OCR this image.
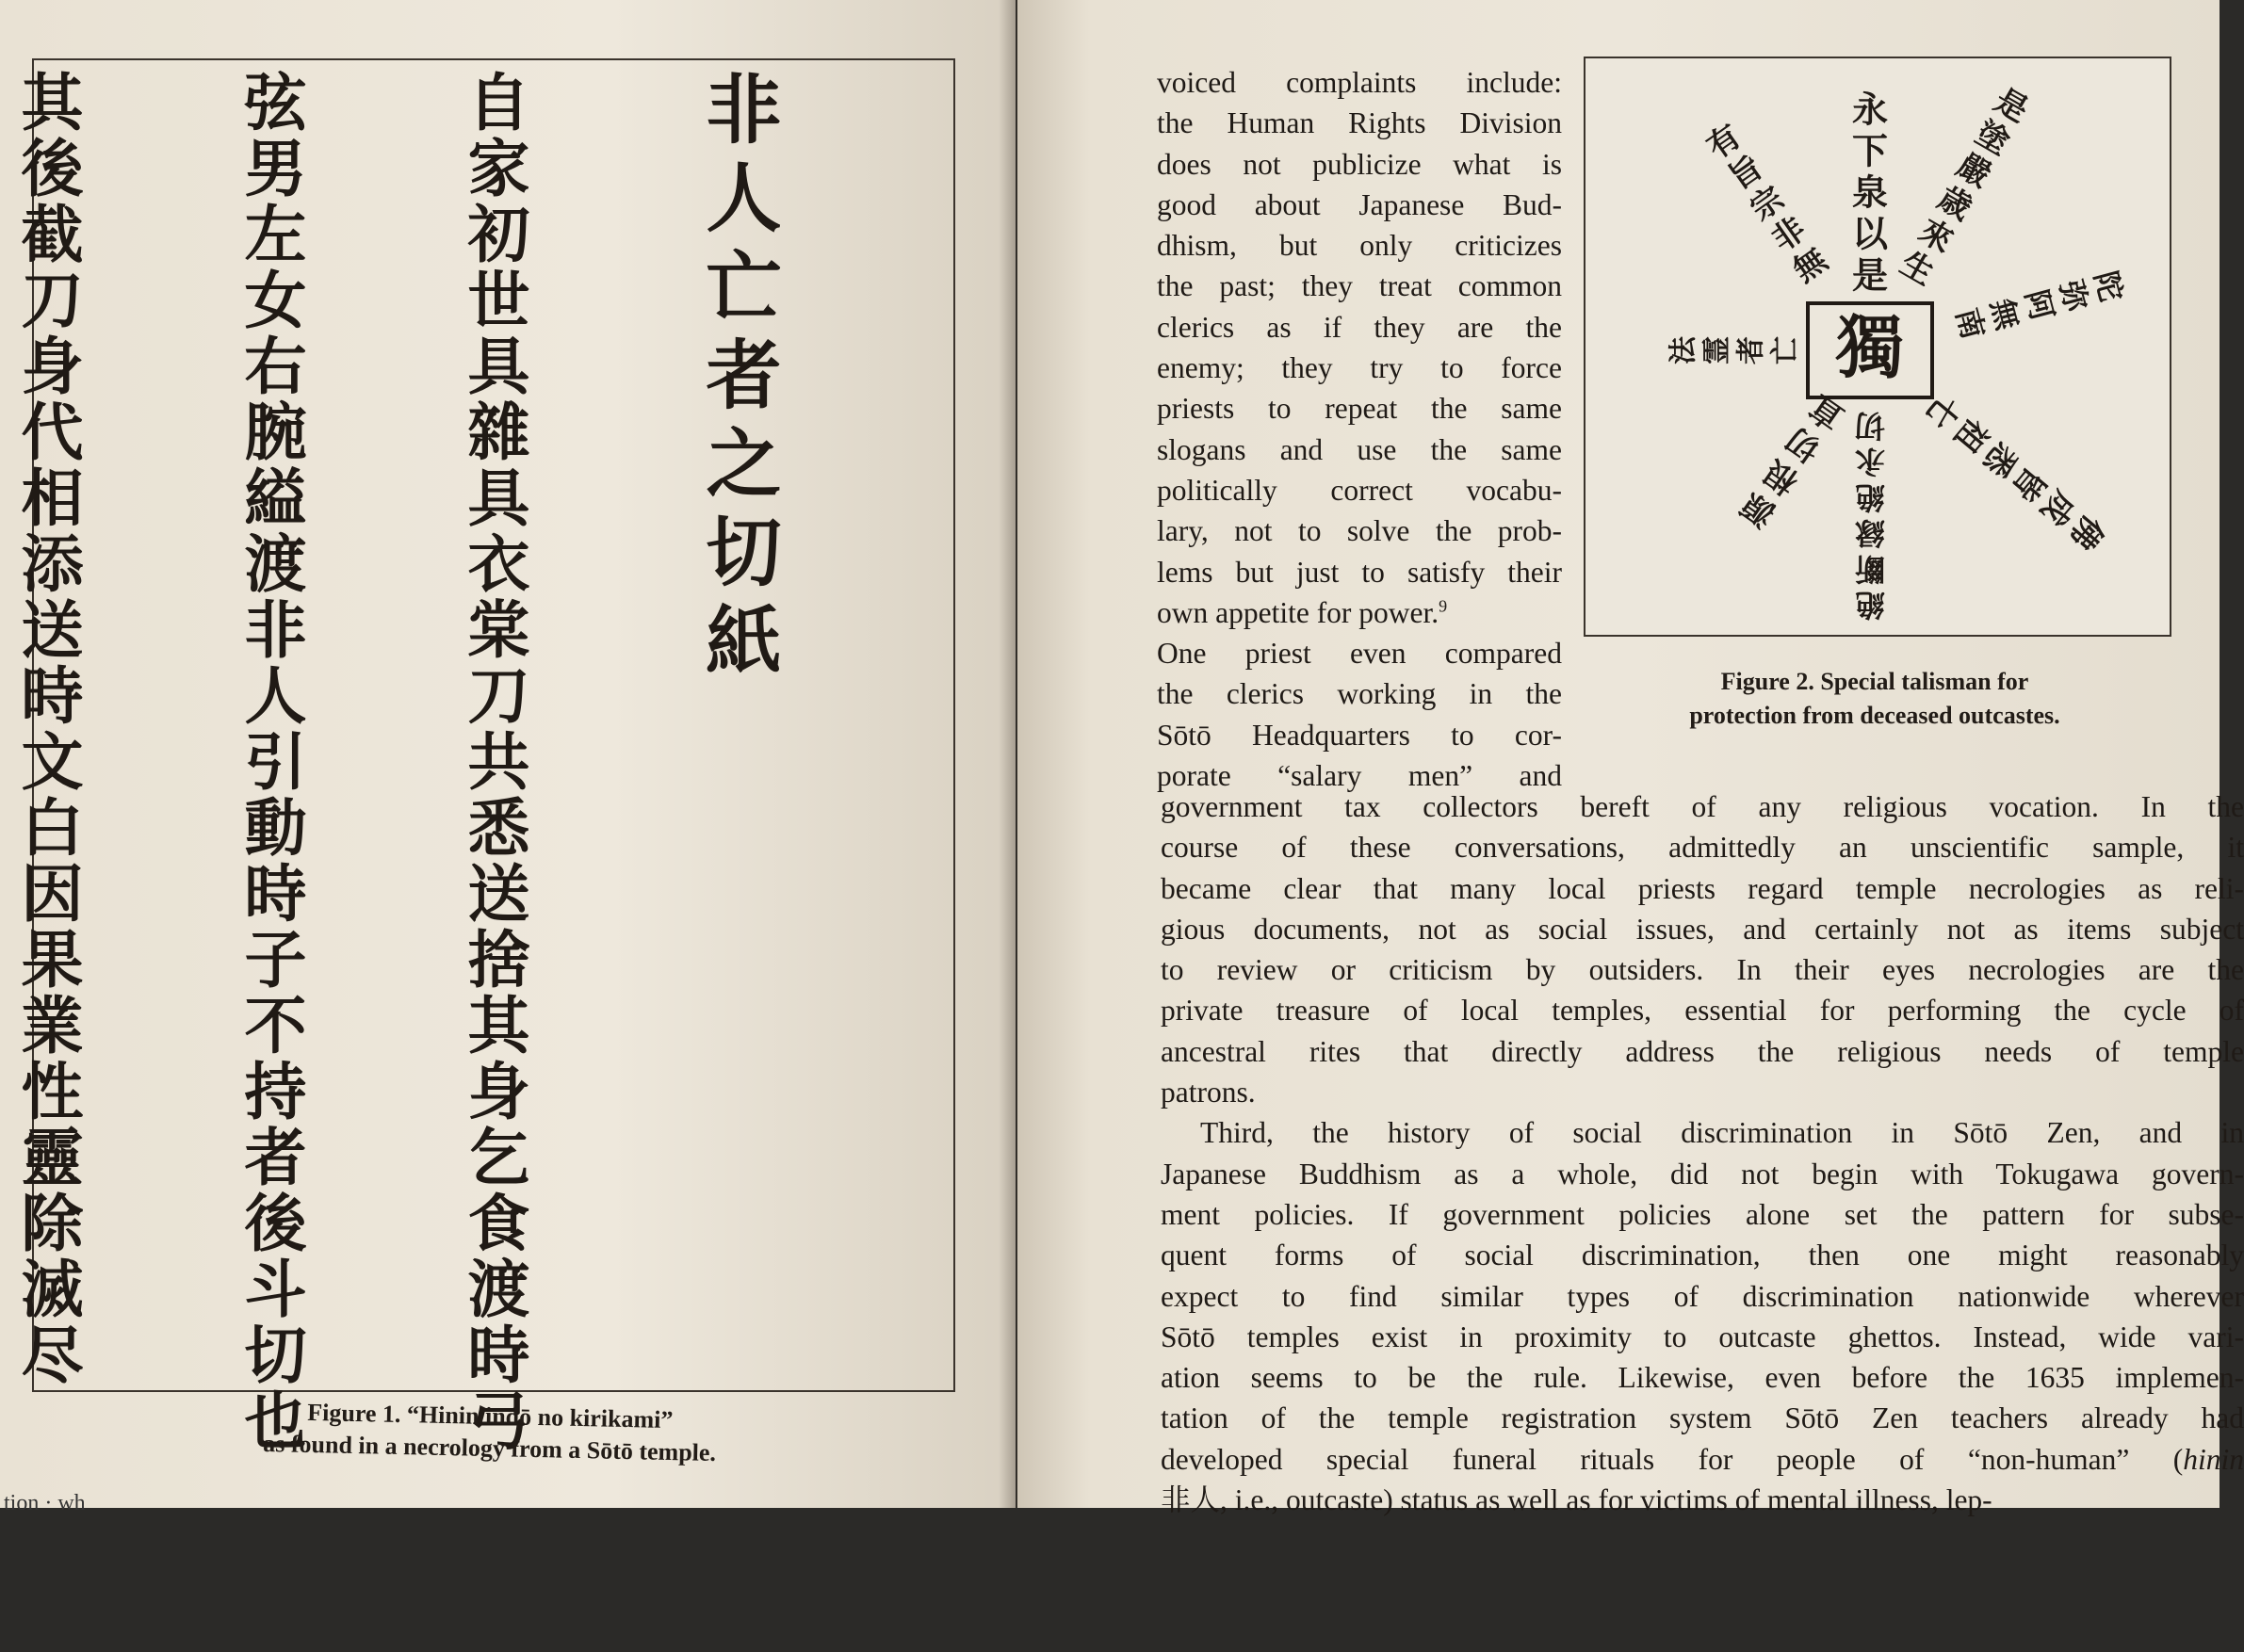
非人亡者之切紙

自家初世具雜具衣棠刀共悉送捨其身乞食渡時弓

弦男左女右腕縊渡非人引動時子不持者後斗切也

其後截刀身代相添送時文白因果業性靈除滅尽

Figure 1. “Hinin indō no kirikami”
as found in a necrology from a Sōtō temple.
tion · wh
獨
是
以
泉
下
永
生
來
歳
嚴
塗
是
無
非
宗
旨
有
南
無
阿
弥
陀
亡
者
霊
法
直
切
根
源
切
永
絶
縁
斷
絶
七
祖
悉
皆
成
佛
Figure 2. Special talisman for
protection from deceased outcastes.
voiced complaints include:
the Human Rights Division
does not publicize what is
good about Japanese Bud-
dhism, but only criticizes
the past; they treat common
clerics as if they are the
enemy; they try to force
priests to repeat the same
slogans and use the same
politically correct vocabu-
lary, not to solve the prob-
lems but just to satisfy their
own appetite for power.$^9$
One priest even compared
the clerics working in the
Sōtō Headquarters to cor-
porate “salary men” and
government tax collectors bereft of any religious vocation. In the
course of these conversations, admittedly an unscientific sample, it
became clear that many local priests regard temple necrologies as reli-
gious documents, not as social issues, and certainly not as items subject
to review or criticism by outsiders. In their eyes necrologies are the
private treasure of local temples, essential for performing the cycle of
ancestral rites that directly address the religious needs of temple
patrons.
Third, the history of social discrimination in Sōtō Zen, and in
Japanese Buddhism as a whole, did not begin with Tokugawa govern-
ment policies. If government policies alone set the pattern for subse-
quent forms of social discrimination, then one might reasonably
expect to find similar types of discrimination nationwide wherever
Sōtō temples exist in proximity to outcaste ghettos. Instead, wide vari-
ation seems to be the rule. Likewise, even before the 1635 implemen-
tation of the temple registration system Sōtō Zen teachers already had
developed special funeral rituals for people of “non-human” (hinin
非人, i.e., outcaste) status as well as for victims of mental illness, lep-
